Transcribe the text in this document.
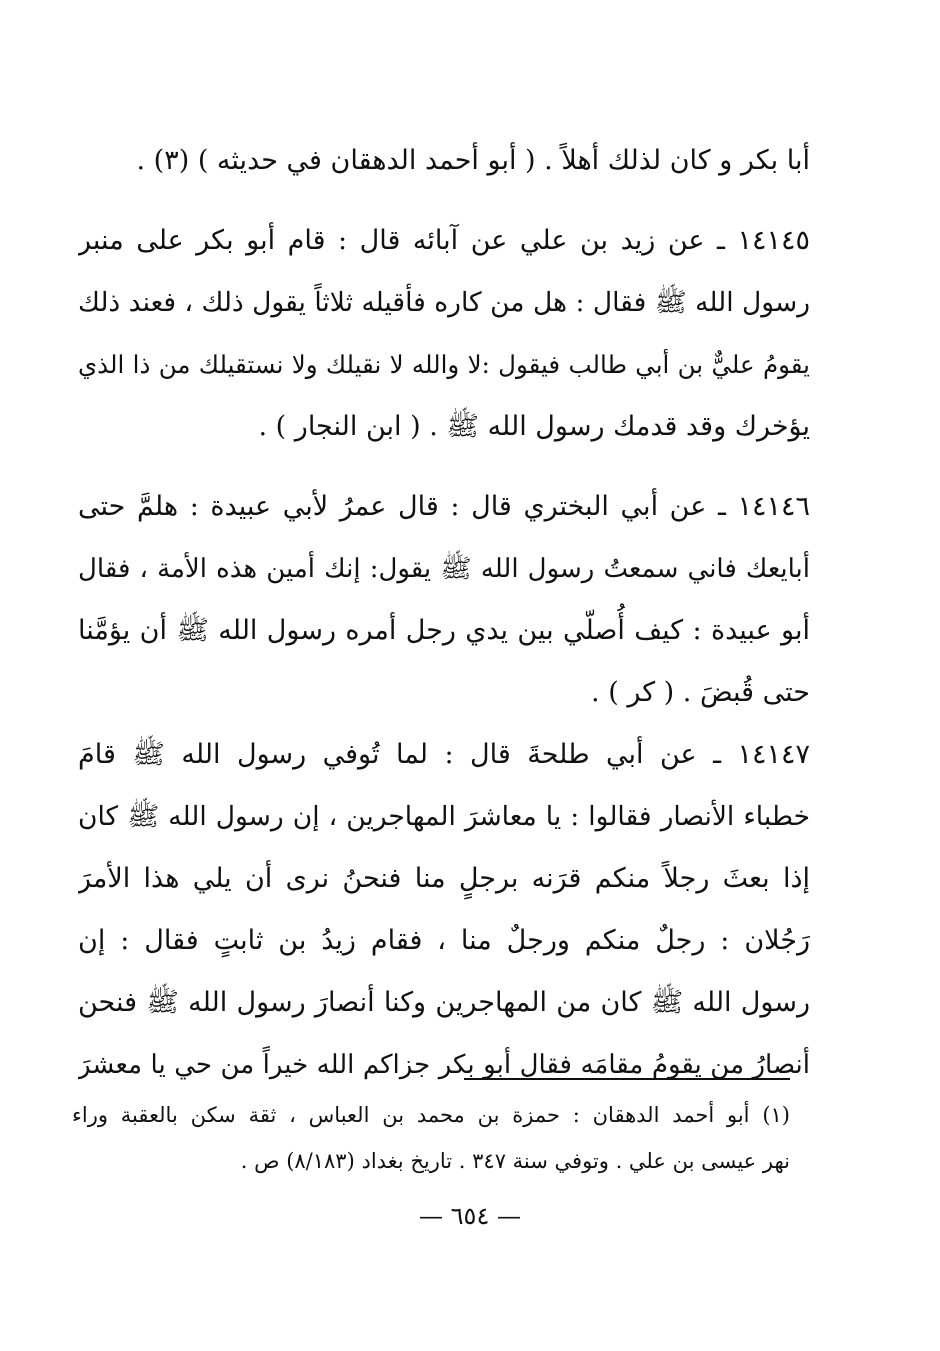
أبا بكر و كان لذلك أهلاً . ( أبو أحمد الدهقان في حديثه ) (٣) .
١٤١٤٥ ـ عن زيد بن علي عن آبائه قال : قام أبو بكر على منبر
رسول الله ﷺ فقال : هل من كاره فأقيله ثلاثاً يقول ذلك ، فعند ذلك
يقومُ عليٌّ بن أبي طالب فيقول :لا والله لا نقيلك ولا نستقيلك من ذا الذي
يؤخرك وقد قدمك رسول الله ﷺ . ( ابن النجار ) .
١٤١٤٦ ـ عن أبي البختري قال : قال عمرُ لأبي عبيدة : هلمَّ حتى
أبايعك فاني سمعتُ رسول الله ﷺ يقول: إنك أمين هذه الأمة ، فقال
أبو عبيدة : كيف أُصلّي بين يدي رجل أمره رسول الله ﷺ أن يؤمَّنا
حتى قُبضَ . ( كر ) .
١٤١٤٧ ـ عن أبي طلحةَ قال : لما تُوفي رسول الله ﷺ قامَ
خطباء الأنصار فقالوا : يا معاشرَ المهاجرين ، إن رسول الله ﷺ كان
إذا بعثَ رجلاً منكم قرَنه برجلٍ منا فنحنُ نرى أن يلي هذا الأمرَ
رَجُلان : رجلٌ منكم ورجلٌ منا ، فقام زيدُ بن ثابتٍ فقال : إن
رسول الله ﷺ كان من المهاجرين وكنا أنصارَ رسول الله ﷺ فنحن
أنصارُ من يقومُ مقامَه فقال أبو بكر جزاكم الله خيراً من حي يا معشرَ
(١) أبو أحمد الدهقان : حمزة بن محمد بن العباس ، ثقة سكن بالعقبة وراء
نهر عيسى بن علي . وتوفي سنة ٣٤٧ . تاريخ بغداد (٨/١٨٣) ص .
— ٦٥٤ —
